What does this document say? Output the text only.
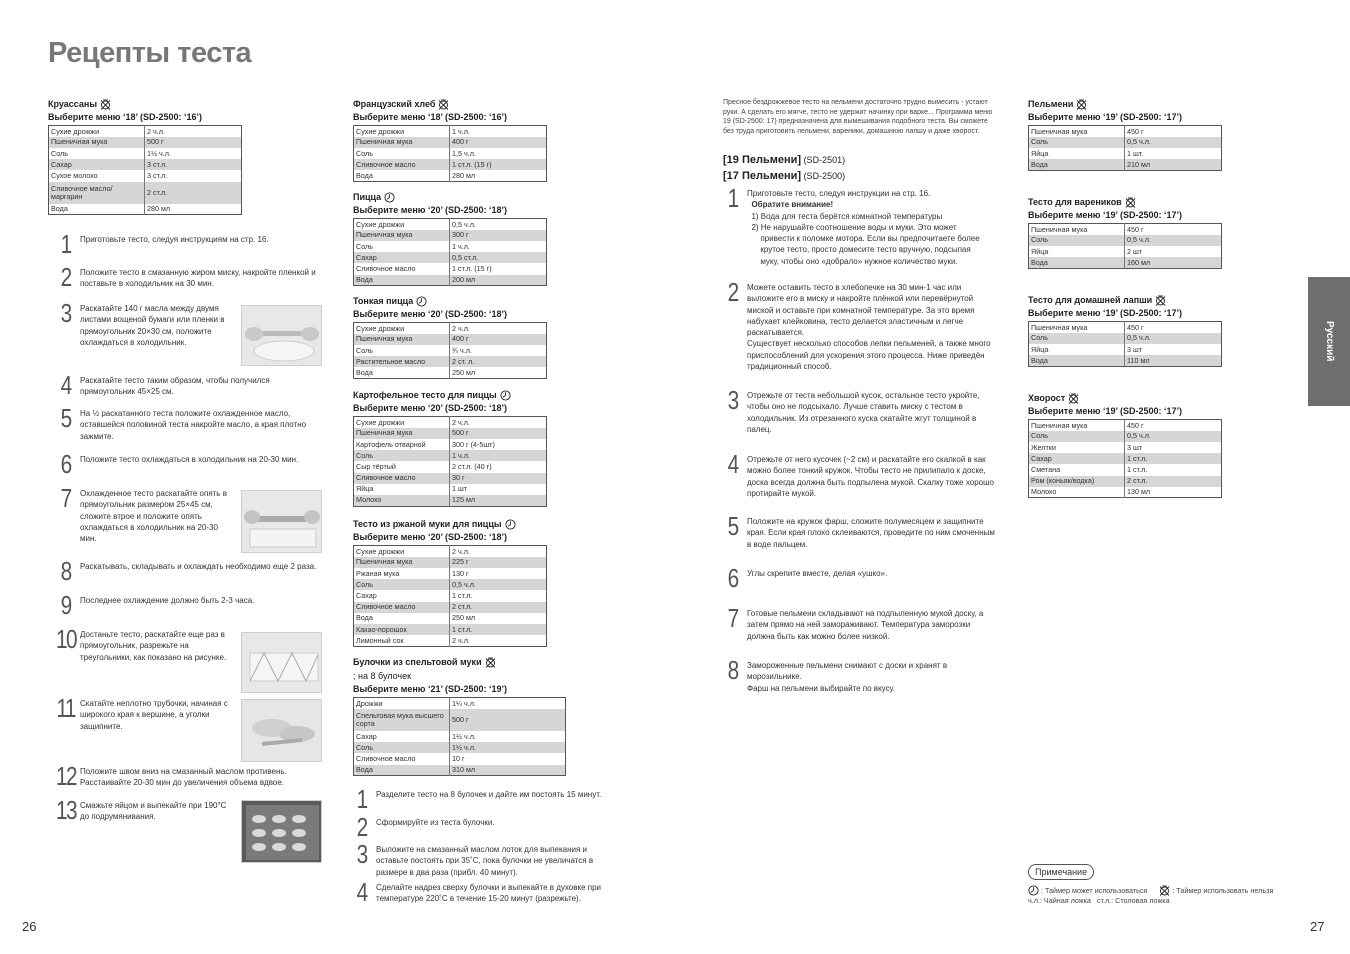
Рецепты теста
Круассаны
Выберите меню ‘18’ (SD-2500: ‘16’)
Сухие дрожжи	2 ч.л.
Пшеничная мука	500 г
Соль	1½ ч.л.
Сахар	3 ст.л.
Сухое молоко	3 ст.л.
Сливочное масло/ маргарин	2 ст.л.
Вода	280 мл
1	Приготовьте тесто, следуя инструкциям на стр. 16.
2	Положите тесто в смазанную жиром миску, накройте пленкой и поставьте в холодильник на 30 мин.
3	Раскатайте 140 г масла между двумя листами вощеной бумаги или пленки в прямоугольник 20×30 см, положите охлаждаться в холодильник.
4	Раскатайте тесто таким образом, чтобы получился прямоугольник 45×25 см.
5	На ½ раскатанного теста положите охлажденное масло, оставшейся половиной теста накройте масло, а края плотно зажмите.
6	Положите тесто охлаждаться в холодильник на 20-30 мин.
7	Охлажденное тесто раскатайте опять в прямоугольник размером 25×45 см, сложите втрое и положите опять охлаждаться в холодильник на 20-30 мин.
8	Раскатывать, складывать и охлаждать необходимо еще 2 раза.
9	Последнее охлаждение должно быть 2-3 часа.
10 Достаньте тесто, раскатайте еще раз в прямоугольник, разрежьте на треугольники, как показано на рисунке.
11 Скатайте неплотно трубочки, начиная с широкого края к вершине, а уголки защипните.
12 Положите швом вниз на смазанный маслом противень. Расстаивайте 20-30 мин до увеличения объема вдвое.
13 Смажьте яйцом и выпекайте при 190°C до подрумянивания.
Французский хлеб
Выберите меню ‘18’ (SD-2500: ‘16’)
Сухие дрожжи	1 ч.л.
Пшеничная мука	400 г
Соль	1,5 ч.л.
Сливочное масло	1 ст.л. (15 г)
Вода	280 мл
Пицца
Выберите меню ‘20’ (SD-2500: ‘18’)
Сухие дрожжи	0,5 ч.л.
Пшеничная мука	300 г
Соль	1 ч.л.
Сахар	0,5 ст.л.
Сливочное масло	1 ст.л. (15 г)
Вода	200 мл
Тонкая пицца
Выберите меню ‘20’ (SD-2500: ‘18’)
Сухие дрожжи	2 ч.л.
Пшеничная мука	400 г
Соль	¾ ч.л.
Растительное масло	2 ст. л.
Вода	250 мл
Картофельное тесто для пиццы
Выберите меню ‘20’ (SD-2500: ‘18’)
Сухие дрожжи	2 ч.л.
Пшеничная мука	500 г
Картофель отварной	300 г (4-5шт)
Соль	1 ч.л.
Сыр тёртый	2 ст.л. (40 г)
Сливочное масло	30 г
Яйца	1 шт
Молоко	125 мл
Тесто из ржаной муки для пиццы
Выберите меню ‘20’ (SD-2500: ‘18’)
Сухие дрожжи	2 ч.л.
Пшеничная мука	225 г
Ржаная мука	130 г
Соль	0,5 ч.л.
Сахар	1 ст.л.
Сливочное масло	2 ст.л.
Вода	250 мл
Какао-порошок	1 ст.л.
Лимонный сок	2 ч.л.
Булочки из спельтовой муки
; на 8 булочек
Выберите меню ‘21’ (SD-2500: ‘19’)
Дрожжи	1¼ ч.л.
Спельтовая мука высшего сорта	500 г
Сахар	1½ ч.л.
Соль	1½ ч.л.
Сливочное масло	10 г
Вода	310 мл
1	Разделите тесто на 8 булочек и дайте им постоять 15 минут.
2	Сформируйте из теста булочки.
3	Выложите на смазанный маслом лоток для выпекания и оставьте постоять при 35˚С, пока булочки не увеличатся в размере в два раза (прибл. 40 минут).
4	Сделайте надрез сверху булочки и выпекайте в духовке при температуре 220˚С в течение 15-20 минут (разрежьте).
Пресное бездрожжевое тесто на пельмени достаточно трудно вымесить - устают руки. А сделать его мягче, тесто не удержит начинку при варке... Программа меню 19 (SD-2500: 17) предназначена для вымешивания подобного теста. Вы сможете без труда приготовить пельмени, вареники, домашнюю лапшу и даже хворост.
[19 Пельмени] (SD-2501)
[17 Пельмени] (SD-2500)
1	Приготовьте тесто, следуя инструкции на стр. 16.
Обратите внимание!
1) Вода для теста берётся комнатной температуры
2) Не нарушайте соотношение воды и муки. Это может
привести к поломке мотора. Если вы предпочитаете более
крутое тесто, просто домесите тесто вручную, подсыпая
муку, чтобы оно «добрало» нужное количество муки.
2	Можете оставить тесто в хлебопечке на 30 мин-1 час или выложите его в миску и накройте плёнкой или перевёрнутой миской и оставьте при комнатной температуре. За это время набухает клейковина, тесто делается эластичным и легче раскатывается.
Существует несколько способов лепки пельменей, а также много приспособлений для ускорения этого процесса. Ниже приведён традиционный способ.
3	Отрежьте от теста небольшой кусок, остальное тесто укройте, чтобы оно не подсыхало. Лучше ставить миску с тестом в холодильник. Из отрезанного куска скатайте жгут толщиной в палец.
4	Отрежьте от него кусочек (~2 см) и раскатайте его скалкой в как можно более тонкий кружок. Чтобы тесто не прилипало к доске, доска всегда должна быть подпылена мукой. Скалку тоже хорошо протирайте мукой.
5	Положите на кружок фарш, сложите полумесяцем и защипните края. Если края плохо склеиваются, проведите по ним смоченным в воде пальцем.
6	Углы скрепите вместе, делая «ушко».
7	Готовые пельмени складывают на подпыленную мукой доску, а затем прямо на ней замораживают. Температура заморозки должна быть как можно более низкой.
8	Замороженные пельмени снимают с доски и хранят в морозильнике.
Фарш на пельмени выбирайте по вкусу.
Пельмени
Выберите меню ‘19’ (SD-2500: ‘17’)
Пшеничная мука	450 г
Соль	0,5 ч.л.
Яйца	1 шт.
Вода	210 мл
Тесто для вареников
Выберите меню ‘19’ (SD-2500: ‘17’)
Пшеничная мука	450 г
Соль	0,5 ч.л.
Яйца	2 шт
Вода	160 мл
Тесто для домашней лапши
Выберите меню ‘19’ (SD-2500: ‘17’)
Пшеничная мука	450 г
Соль	0,5 ч.л.
Яйца	3 шт
Вода	110 мл
Хворост
Выберите меню ‘19’ (SD-2500: ‘17’)
Пшеничная мука	450 г
Соль	0,5 ч.л.
Желтки	3 шт
Сахар	1 ст.л.
Сметана	1 ст.л.
Ром (коньяк/водка)	2 ст.л.
Молоко	130 мл
Русский
Примечание
: Таймер может использоваться	: Таймер использовать нельзя
ч.л.: Чайная ложка   ст.л.: Столовая ложка
26	27
